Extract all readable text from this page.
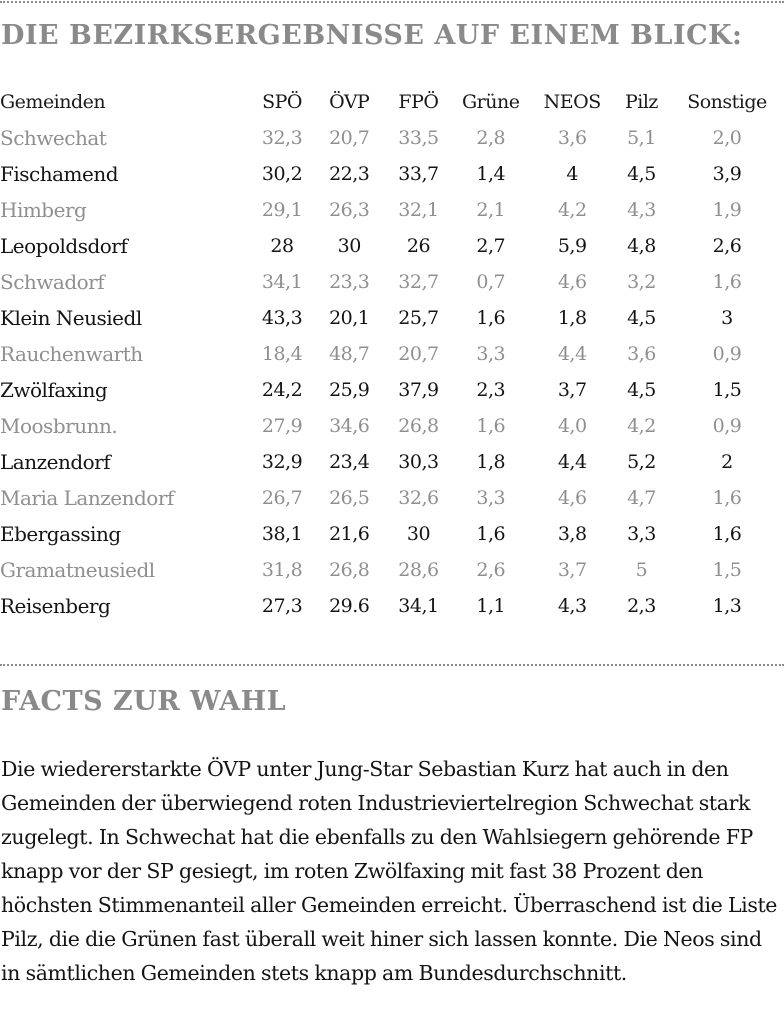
DIE BEZIRKSERGEBNISSE AUF EINEM BLICK:
Gemeinden	SPÖ	ÖVP	FPÖ	Grüne	NEOS	Pilz	Sonstige
Schwechat	32,3	20,7	33,5	2,8	3,6	5,1	2,0
Fischamend	30,2	22,3	33,7	1,4	4	4,5	3,9
Himberg	29,1	26,3	32,1	2,1	4,2	4,3	1,9
Leopoldsdorf	28	30	26	2,7	5,9	4,8	2,6
Schwadorf	34,1	23,3	32,7	0,7	4,6	3,2	1,6
Klein Neusiedl	43,3	20,1	25,7	1,6	1,8	4,5	3
Rauchenwarth	18,4	48,7	20,7	3,3	4,4	3,6	0,9
Zwölfaxing	24,2	25,9	37,9	2,3	3,7	4,5	1,5
Moosbrunn.	27,9	34,6	26,8	1,6	4,0	4,2	0,9
Lanzendorf	32,9	23,4	30,3	1,8	4,4	5,2	2
Maria Lanzendorf	26,7	26,5	32,6	3,3	4,6	4,7	1,6
Ebergassing	38,1	21,6	30	1,6	3,8	3,3	1,6
Gramatneusiedl	31,8	26,8	28,6	2,6	3,7	5	1,5
Reisenberg	27,3	29.6	34,1	1,1	4,3	2,3	1,3
FACTS ZUR WAHL

Die wiedererstarkte ÖVP unter Jung-Star Sebastian Kurz hat auch in den Gemeinden der überwiegend roten Industrieviertelregion Schwechat stark zugelegt. In Schwechat hat die ebenfalls zu den Wahlsiegern gehörende FP knapp vor der SP gesiegt, im roten Zwölfaxing mit fast 38 Prozent den höchsten Stimmenanteil aller Gemeinden erreicht. Überraschend ist die Liste Pilz, die die Grünen fast überall weit hiner sich lassen konnte. Die Neos sind in sämtlichen Gemeinden stets knapp am Bundesdurchschnitt.
